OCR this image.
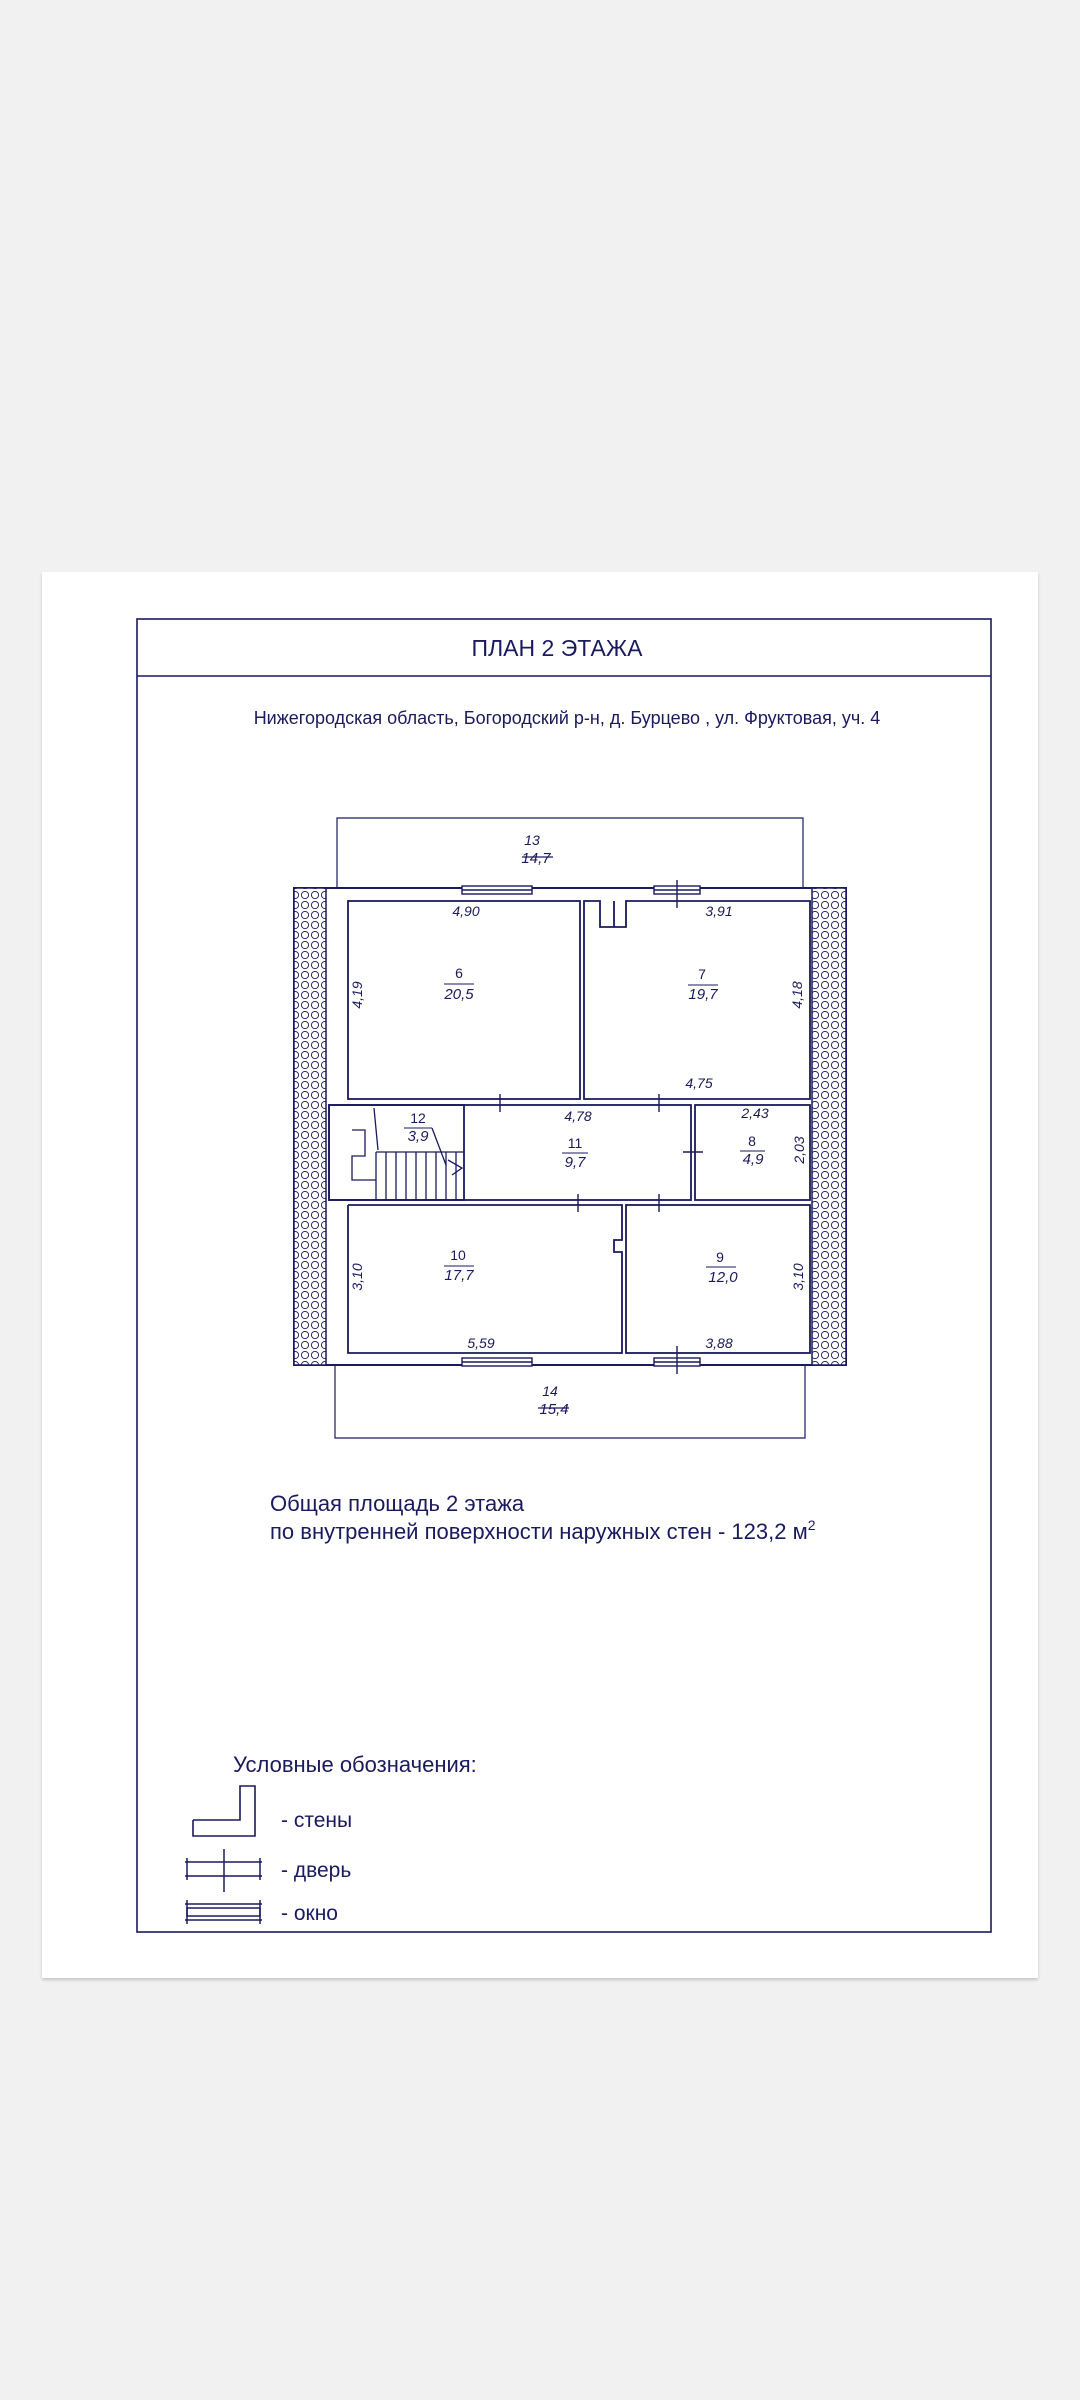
ПЛАН 2 ЭТАЖА
Нижегородская область, Богородский р-н, д. Бурцево , ул. Фруктовая, уч. 4
13
14,7
14
15,4
6
20,5
7
19,7
8
4,9
9
12,0
10
17,7
11
9,7
12
3,9
4,90
4,19
3,91
4,18
4,75
4,78	2,43
2,03
3,10
5,59
3,10
3,88
Общая площадь 2 этажа
по внутренней поверхности наружных стен - 123,2 $м^2$
Условные обозначения:
- стены
- дверь
- окно
